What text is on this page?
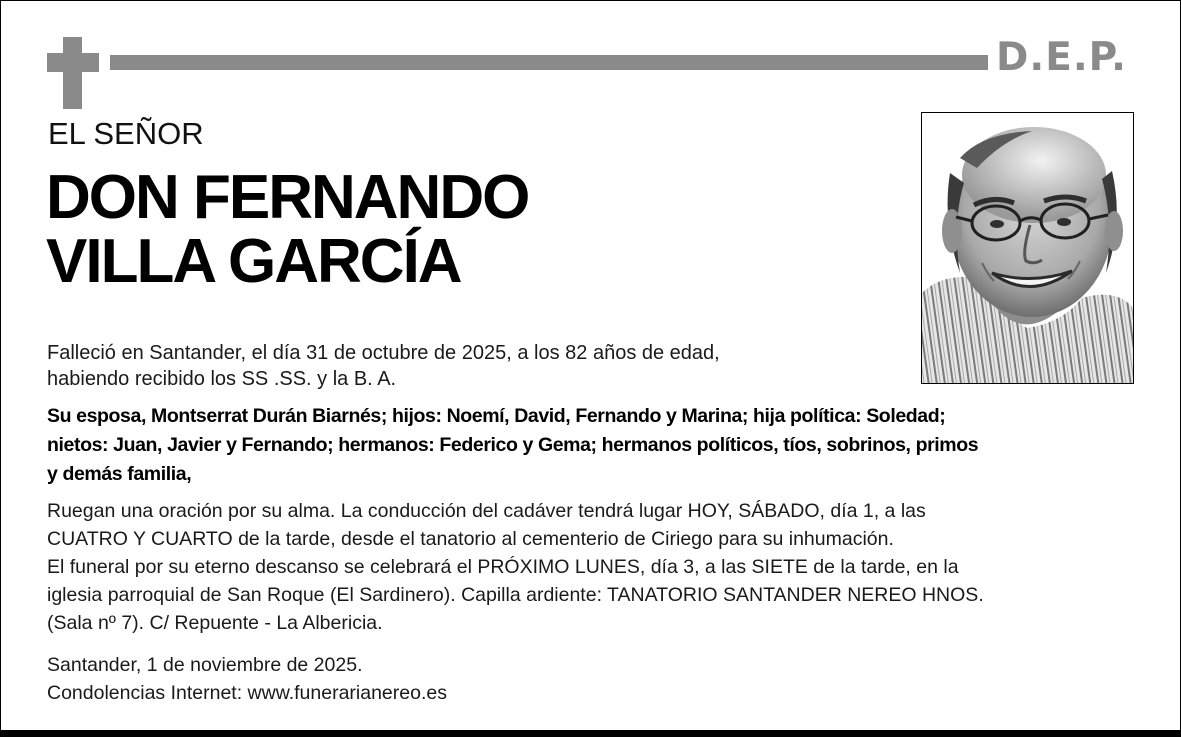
D.E.P.
EL SEÑOR
DON FERNANDO
VILLA GARCÍA
Falleció en Santander, el día 31 de octubre de 2025, a los 82 años de edad,
habiendo recibido los SS .SS. y la B. A.
Su esposa, Montserrat Durán Biarnés; hijos: Noemí, David, Fernando y Marina; hija política: Soledad;
nietos: Juan, Javier y Fernando; hermanos: Federico y Gema; hermanos políticos, tíos, sobrinos, primos
y demás familia,
Ruegan una oración por su alma. La conducción del cadáver tendrá lugar HOY, SÁBADO, día 1, a las
CUATRO Y CUARTO de la tarde, desde el tanatorio al cementerio de Ciriego para su inhumación.
El funeral por su eterno descanso se celebrará el PRÓXIMO LUNES, día 3, a las SIETE de la tarde, en la
iglesia parroquial de San Roque (El Sardinero). Capilla ardiente: TANATORIO SANTANDER NEREO HNOS.
(Sala nº 7). C/ Repuente - La Albericia.
Santander, 1 de noviembre de 2025.
Condolencias Internet: www.funerarianereo.es
